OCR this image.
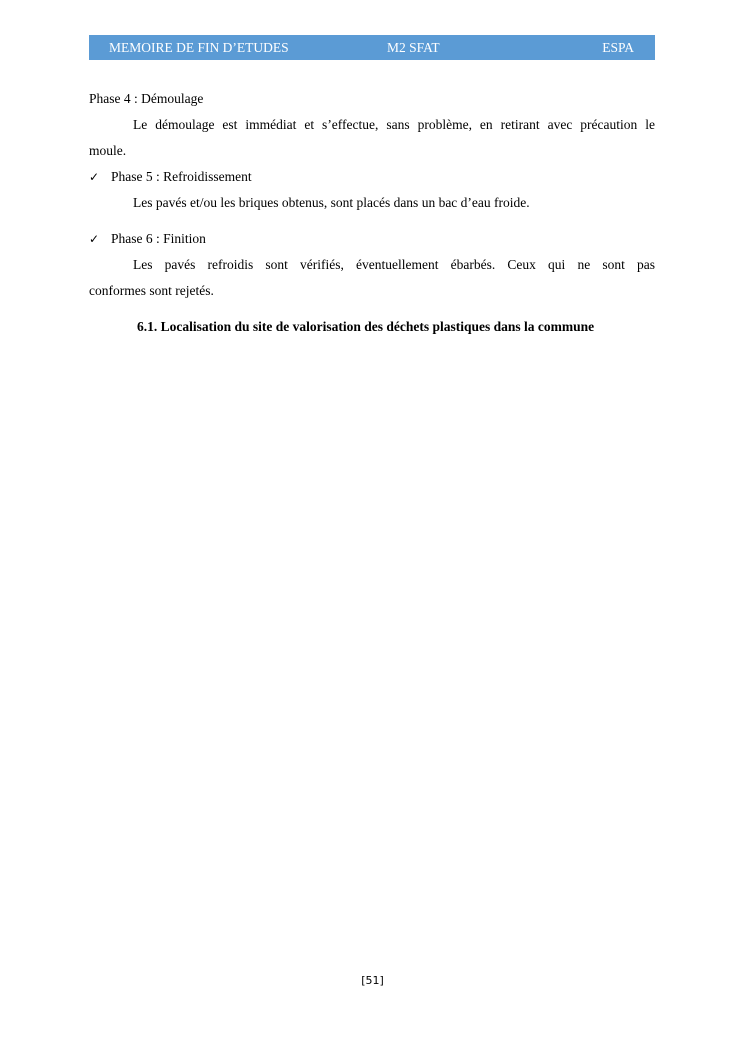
MEMOIRE DE FIN D’ETUDES	M2 SFAT	ESPA
Phase 4 : Démoulage
Le démoulage est immédiat et s’effectue, sans problème, en retirant avec précaution le
moule.
✓ Phase 5 : Refroidissement
Les pavés et/ou les briques obtenus, sont placés dans un bac d’eau froide.
✓ Phase 6 : Finition
Les pavés refroidis sont vérifiés, éventuellement ébarbés. Ceux qui ne sont pas
conformes sont rejetés.
6.1. Localisation du site de valorisation des déchets plastiques dans la commune
[51]
